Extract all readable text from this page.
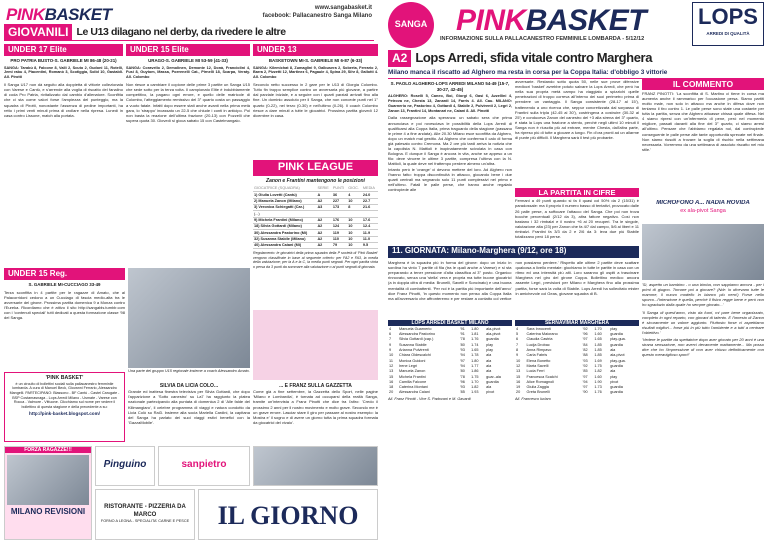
PINKBASKET	www.sangabasket.it
facebook: Pallacanestro Sanga Milano
GIOVANILI Le U13 dilagano nel derby, da rivedere le altre
UNDER 17 Elite
PRO PATRIA BUSTO-S. GABRIELE MI 86-48 (20-21)
SANGA: Tarabù 8, Falcone 8, Valli 2, Scuto 2, Gudoni 11, Rotelli, Jemi rabu 4, Piacentini, Romanò 3, Scotiggia, Solid 10, Gastaldi. All. Pirotti
Il Sanga U17 non dà seguito alla doppietta di vittorie collezionata con Varese e Cantù, e s'arrende alla voglia di riscatto del fanalino di coda Pro Patria, rivitalizzato dal cambio d'allenatore. Sconfitta che ci sta come valori forse l'ampiezza del punteggio, ma la squadra di Pirotti, nonostante l'assenza di pedine importanti, ha retto i primi venti minuti prima di crollare nella ripresa. Lunedì in casa contro Lissone, match alla portata.
UNDER 15 Elite
URAGO-S. GABRIELE MI 53-59 (41-33)
SANGA: Coravello 2, Demolinen, Demonte 12, Donà, Franciolini 4, Fusi 8, Guytom, Massa, Poerenelli Cat., Pirnelli 18, Scarpa, Veraty. All. Colombo
Non riesce a cambiare il copione delle prime 3 partite un Sanga U15 che sede sotto per la terza volta. Il campionato Elite è indubbiamente competitivo, la pagano ogni errore, e quello delle matricole di Colombo, l'atteggiamento remissivo del 3° quarto costa un passaggio a vuoto fatale. Infatti dopo essere stati anche avanti nella prima metà gara, lo 'strappo' incassato un 22-5 che chiude i conti in anticipo. Poi non basta la reazione dell'ultima frazione (20-13) con Pozzelli che supera quota 30. Giovedì si gioca sabato 15 con Castelmangaio.
UNDER 13
BASKETOWN MI-S. GABRIELE MI 6-87 (6-33)
SANGA: Kilemichat 8, Zumaglini 9, Galbusera 2, Soberta, Ferrario 2, Barra 2, Pizzetti 12, Martinez 6, Pagaule 4, Spina 29, Sihr 8, Gallotti 4. All. Colombo
Secondo netto successo in 2 gare per le U13 di Giorgia Colombo. Tutto fin troppo semplice contro un avversaria più giovane, a partire dal parziale iniziale, e a seguire con i quarti parziali arrivati fino alla fine. Un dominio assoluto per il Sanga, che non concede punti nel 1° quarto (0-22), nel terzo (0-30) e nell'ultimo (0-26). Il coach Colombo riesce a dare minuti a tutte le giocatrici. Prossima partita giovedì 12 dicembre in casa.
PINK LEAGUE
Zanon e Frantini mantengono le posizioni
GIOCATRICE (SQUADRA)	SERIE	PUNTI	GIOC.	MEDIA
1) Giulia Lovetti (Cantù)	A	36	4	24.0
2) Manuela Zanon (Milano)	A2	227	10	22.7
3) Veronica Schiegatti (Car.)	A3	173	8	21.6
(...)				
9) Michela Frantini (Milano)	A2	176	10	17.6
18) Silvia Gottardi (Milano)	A2	124	10	12.4
30) Alessandra Pastorino (Mi)	A2	119	10	11.9
32) Susanna Stabile (Milano)	A2	110	10	11.0
40) Alessandra Caiani (Mi)	A2	79	10	9.5
Regolamento: le giocatrici della prima squadra della P società di 'Pink Basket' vengono classificate in base al seguente criterio: per FA2 e FA3, la media della valutazione; per la A e la C, la media punti segnati. Per ogni partita vinta o persa da 3 punti da sommare alla valutazione o ai punti segnati di giornata.
UNDER 15 Reg.
S. GABRIELE MI-CUCCIAGO 33-49
Terza sconfitta in 4 partite per le ragazze di Amato, che al Palacorridoni cedono a un Cucciago di fascia medio-alta tra le avversarie del girone. Prossima partita domenica 9 a Monza contro l'Eureka. Ricordiamo che è attivo il sito http://sangabls.tumblr.com con i 'contenuti speciali' tutti dedicati a questa formazione classe '98 del Sanga.
Una parte del gruppo U15 regionale insieme a coach Alessandro Amato.
'PINK BASKET'
è un circuito di bollettini sociali sulla pallacanestro femminile lombarda. A cura di Manuel Beck, Giovanni Ferrario, Alessandro Mangelli. PARTECIPANO: Biassono - BF Cantù - Castel Carugate - BSP Costamasnaga - Lops Arredi Milano - Usmate - Varese con Rocca - Valmore - Vittuone. Clicchiamo sul nome per vedere il bollettino di questa stagione e della precedente a su:
http://pink-basket.blogspot.com/
SILVIA DA LICIA COLÒ...
Grande ed inattesa finestra televisiva per Silvia Gottardi, che dopo l'apparizione a 'Sotto canestro' su La7 ha raggiunto la platea nazionale partecipando alla puntata di domenica 2 di 'Alle falde del Kilimangiaro', il celebre programma di viaggi e natura condotto da Licia Colò su Rai3. Insieme alla socia Mariella Cardini, la capitana del Sanga ha parlato dei suoi viaggi estivi benefici con la 'GazzaMobile'.
... E FRANZ SULLA GAZZETTA
Come già a fine settembre, la Gazzetta dello Sport, nelle pagine 'Milano e Lombardia', è tornata ad occuparsi della realtà Sanga, tramite un'intervista a Franz Pinotti che dice tra l'altro: 'Credo il prossimo 2 anni per il nostro movimento e molto grave. Secondo me è un grave errore. Lasciar stare il giro per passare al nostro esempio: la Mostra e' il sogno e di avere un giorno tutta la prima squadra formata da giocatrici del vivaio'.
FORZA RAGAZZE!!!
MILANO REVISIONI
Pinguino	sanpietro
RISTORANTE - PIZZERIA DA MARCO
FORNO A LEGNA - SPECIALITA' CARNE E PESCE	IL GIORNO
SANGA PINKBASKET
INFORMAZIONE SULLA PALLACANESTRO FEMMINILE LOMBARDA - 5/12/12
LOPS
ARREDI DI QUALITÀ
A2 Lops Arredi, sfida vitale contro Marghera
Milano manca il riscatto ad Alghero ma resta in corsa per la Coppa Italia: d'obbligo 3 vittorie
S. PAOLO ALGHERO-LOPS ARREDI MILANO 54-49 (15-7, 30-27, 42-45)
ALGHERO: Roselli 5, Caneo, Boi, Giorgi 6, Gasi 6, Azzellini 4, Petrova ne, Chesta 13, Zanardi 14, Farris 4. All. Cau. MILANO: Guarnerio ne, Pastorino 4, Gottardi 4, Stabile 2, Pulvirenti 2, Legri 2, Zanon 13, Frantini 14, Montanari ne, Caiani 8. All. Pinotti
Dalla rassegnazione alla speranza: un sabato sera che prima annunciava e poi rovesciava le possibilità della Lops Arredi di qualificarsi alla Coppa Italia, prima traguardo della stagione (passano le prime 4 a fine andata). Alle 20.30 Milano esce sconfitta da Alghero, dopo un match mal gestito. Ad Alghero che conferma il calo di forma già palesato contro Cremona. Ma 2 ore più tardi arriva la notizia che la capolista N. Mattioli è inopinatamente scivolata in casa con Bologna. E dunque il Sanga è ancora in vita, anche se appeso a un filo: deve vincere le ultime 3 partite, compresa l'ultima con la N. Mattioli, la quale deve nel frattempo perdere almeno un'altra.
Intanto però le 'orange' ci devono mettere del loro. Ad Alghero non l'hanno fatto: troppa discontinuità in attacco, giocando bene i due quarti centrali ma segnando solo 11 punti complessivi nel primo e nell'ultimo. Fatali le palle perse, che hanno anche regalato contropiede alle
avversarie. Restando sotto quota 50, nelle sue prove difensive mediocri 'basket' avrebbe potuto salvare la Lops Arredi, che però ha nella sua propria metà campo ha viaggiato a spizzichi quelle penetrazioni di troppo correva all'interno dei suoi perimetro prima di prendere un vantaggio. Il Sanga consistente (28-17 al 15'), trattenendo a uno ricerca che, seppur concretizzata dal sorpasso di Frantini sulla tripla (42-45 al 30'), costringeva a costruire (30-32 al 25') e conduceva Zanon del canestro del +3 alla sirena del 3° quarto, è stata la Lops una frazione a stento, perché negli ultimi 10 minuti il Sanga non è riuscita più ad entrare, mentre Chesta, dall'altra parte, ha ripreso più di tutte a giocare a lungo. Fin d'ora pronti ad un allarme di punte più difficili. Il Marghera sarà il test più probante.
LA PARTITA IN CIFRE
Fermani a 49 punti quando si fa il quasi col 50% da 2 (15/31) è paradossale: ma il proprio il numero basso di tentativi, provocato dalle 26 palle perse, a soffocare l'attacco del Sanga. Che poi non trova bocche percentuali (2/12 da 3), altra fattore negativo. Così non bastano i 32 rimbalzi e il nostro +6 ai 20 recuperi. Tra le singole, valutazione alta (23) per Zanon che fa 4/7 dal campo, 5/6 ai liberi e 11 rimbalzi. Frantini fa 3/3 da 2 e 2/6 da 3: leva due più Stabile totalizzano però 18 perse.
IL COMMENTO
FRANZ PINOTTI: 'La sconfitta di S. Martino ci tiene in corsa ma aumenta anche il rammarico per l'occasione persa. Siamo partiti molto male, non solo in attacco ma anche in difesa dove non teniamo il tiro contro 1. Le palle perse sono state una costante per tutta la partita, senza che Alghero attuasse chissà quale difesa. Nei 4 siamo ripresi con un'infermeria di pene, però nel momento migliore, passati davanti alla fine del 3° quarto, ci siamo arresi all'ultimo. Pensare che l'abbiamo regalata noi, dal contropiede conseguente le palle perse alle tante opportunità sprecate nel finale. Non siamo riusciti a trovare la soglia di rischio nella settimana necessaria. Vorremmo da una settimana di assoluto riscatto nel mio stile.'
MICROFONO A... NADIA ROVIDA
ex ala-pivot Sanga
'Sì, aspetto un bambino - o una bimba, non sappiamo ancora - per i primi di giugno. Tornare poi a giocare? (Ndr: lo dicevano tutte le mamme, il nuovo modello in bianco più nero!) Forse nello sporco...l'intenzione è quella, perché il fisico regge bene e però non ho sgraduzio dalla quale ho sempre giocato...'
'Il Sanga di quest'anno, visto da fuori, mi pare bene organizzato, completo in ogni reparto, con giovani di talento. E l'innesto di Zanon è sicuramente un valore aggiunto. Piuttosto forse ci aspettiamo risultati migliori... forse più in più tutto l'ambiente e a tutti a centrare l'obiettivo.'
'Vedere le partite da spettatrice dopo aver giocato per 20 anni è una strana sensazione, non averci decamente mattamente... Ma posso dire che ho l'impressione di non aver chiuso definitivamente con questo meraviglioso sport!'
11. GIORNATA: Milano-Marghera (9/12, ore 18)
Marghera è la squadra più in forma del girone: dopo un inizio in sordina ha vinto 7 partite di fila (tra le quali anche a Varese) e si sta preparando a tener pressione d'alta classifica al 3° posto. Organico rinnovato, senza una 'stella' vera e propria ma tutte buone giocatrici (a in doppia cifra di media: Brunelli, Savelli e Soncinato) e una buona mentalità di combattenti. 'Per noi è la partita più importante dell'anno' dice Franz Pinotti, 'in questo momento non penso alla Coppa Italia ma all'avversario che affronteremo e per restare a contatto col vertice non possiamo perdere.' Rispetto alle ultime 2 partite deve scattare qualcosa a livello mentale: giochiamo in tutte le partite in casa con un ritmo ed una intensità più alti. Loro saranno gli ospiti a trascinare Marghera nel giro del girone Coppa. Bollettino medico: ancora assente Legrì, previsioni per Milano e Marghera fino alla prossima partita, forse sarà la volta di Stabile. Lops Arredi ha sollecitato mister in amichevole col Geas, giovane squadra di B.
LOPS ARREDI BASKET MILANO
4	Manuela Guarnerio	'91	1.80	ala-pivot
6	Alessandra Pastorino	'91	1.81	ala-pivot
7	Silvia Gottardi (cap.)	'78	1.76	guardia
9	Susanna Stabile	'80	1.74	play
9	Arianna Pulvirenti	'93	1.65	play
10	Chiara Oldescalchi	'94	1.78	ala
11	Monica Guidoni	'97	1.80	ala
12	Irene Legrì	'94	1.77	ala
13	Manuela Zanon	'80	1.86	ala
15	Michela Frantini	'78	1.75	guar.-ala
16	Camilla Falcone	'96	1.70	guardia
18	Caterina Montani	'93	1.82	ala
20	Alessandra Caiani	'85	1.93	pivot
All. Franz Pinotti - Vice S. Padovani e M. Gavardi
SERNAVIMAR MARGHERA
4	Sara Innocenti	'92	1.70	play
5	Caterina Maiorano	'96	1.60	guardia
6	Claudia Castria	'97	1.65	play-gua.
7	Lucija Drobac	'84	1.85	guardia
8	Anna Rimpavo	'82	1.85	ala
9	Carla Fabris	'88	1.85	ala-pivot
10	Elena Bonetto	'93	1.69	play-gua.
12	Marta Savelli	'92	1.75	guardia
13	Lucia Ferri	'85	1.82	ala
15	Francesca Scalchi	'97	1.60	play
16	Alice Romagnoli	'94	1.90	pivot
19	Giulia Zaggia	'97	1.73	guardia
20	Greta Brunelli	'90	1.76	guardia
All. Francesco Iurlaro
